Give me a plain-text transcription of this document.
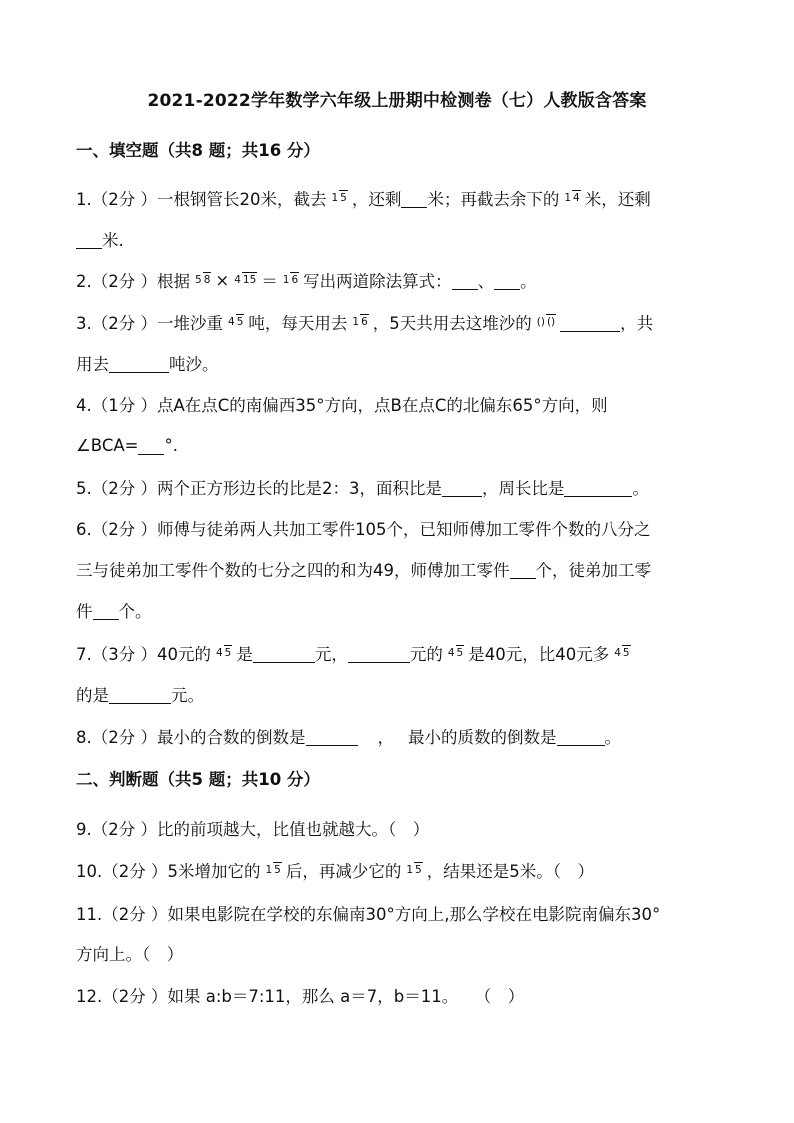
2021-2022学年数学六年级上册期中检测卷（七）人教版含答案
一、填空题（共8 题；共16 分）
1.（2分 ）一根钢管长20米，截去 1 5 ，还剩 米；再截去余下的 1 4 米，还剩
米.
2.（2分 ）根据 5 8 × 4 15 ＝ 1 6 写出两道除法算式： 、 。
3.（2分 ）一堆沙重 4 5 吨，每天用去 1 6 ，5天共用去这堆沙的 () ()	，共
用去	吨沙。
4.（1分 ）点A在点C的南偏西35°方向，点B在点C的北偏东65°方向，则
∠BCA= °.
5.（2分 ）两个正方形边长的比是2：3，面积比是 ，周长比是	。
6.（2分 ）师傅与徒弟两人共加工零件105个，已知师傅加工零件个数的八分之
三与徒弟加工零件个数的七分之四的和为49，师傅加工零件 个，徒弟加工零
件 个。
7.（3分 ）40元的 4 5 是	元，	元的 4 5 是40元，比40元多 4 5
的是	元。
8.（2分 ）最小的合数的倒数是	， 最小的质数的倒数是	。
二、判断题（共5 题；共10 分）
9.（2分 ）比的前项越大，比值也就越大。（　）
10.（2分 ）5米增加它的 1 5 后，再减少它的 1 5 ，结果还是5米。（　）
11.（2分 ）如果电影院在学校的东偏南30°方向上,那么学校在电影院南偏东30°
方向上。（　）
12.（2分 ）如果 a:b＝7:11，那么 a＝7，b＝11。　　（　）
